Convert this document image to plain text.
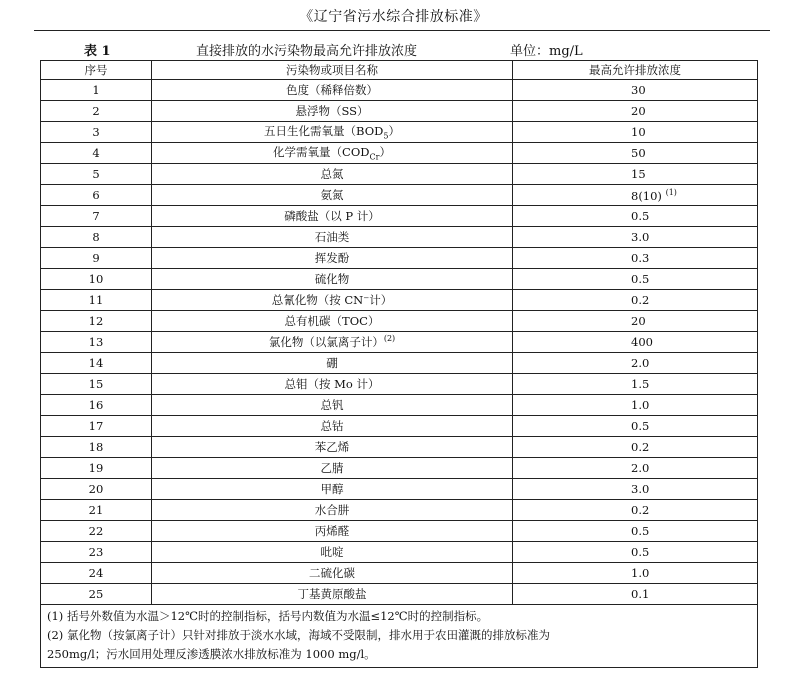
《辽宁省污水综合排放标准》
表 1	直接排放的水污染物最高允许排放浓度	单位：mg/L
序号	污染物或项目名称	最高允许排放浓度
1	色度（稀释倍数）	30
2	悬浮物（SS）	20
3	五日生化需氧量$(BOD_5)$	10
4	化学需氧量$(COD_{Cr})$	50
5	总氮	15
6	氨氮	8(10) $^{(1)}$
7	磷酸盐（以 P 计）	0.5
8	石油类	3.0
9	挥发酚	0.3
10	硫化物	0.5
11	总氰化物（按 CN⁻计）	0.2
12	总有机碳（TOC）	20
13	氯化物（以氯离子计）$^{(2)}$	400
14	硼	2.0
15	总钼（按 Mo 计）	1.5
16	总钒	1.0
17	总钴	0.5
18	苯乙烯	0.2
19	乙腈	2.0
20	甲醇	3.0
21	水合肼	0.2
22	丙烯醛	0.5
23	吡啶	0.5
24	二硫化碳	1.0
25	丁基黄原酸盐	0.1

(1) 括号外数值为水温＞12℃时的控制指标，括号内数值为水温≤12℃时的控制指标。
(2) 氯化物（按氯离子计）只针对排放于淡水水域，海域不受限制，排水用于农田灌溉的排放标准为
250mg/l；污水回用处理反渗透膜浓水排放标准为 1000 mg/l。		
